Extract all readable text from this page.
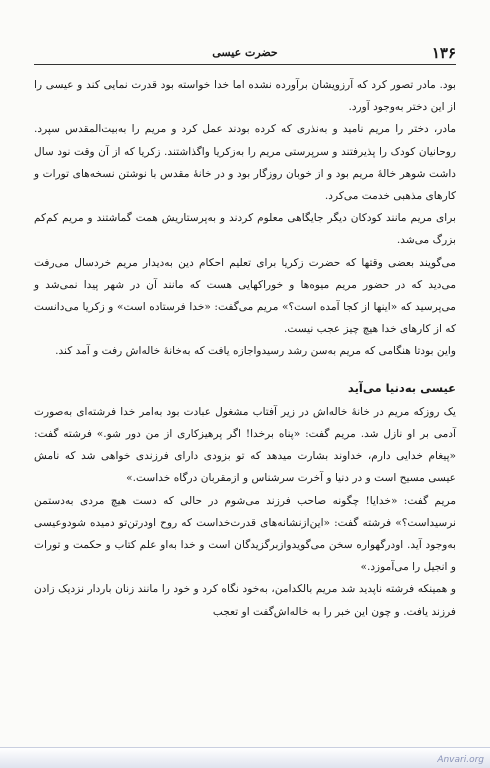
۱۳۶
حضرت عیسی

بود. مادر تصور کرد که آرزویشان برآورده نشده اما خدا خواسته بود قدرت نمایی کند و عیسی را از این دختر به‌وجود آورد.

مادر، دختر را مریم نامید و به‌نذری که کرده بودند عمل کرد و مریم را به‌بیت‌المقدس سپرد. روحانیان کودک را پذیرفتند و سرپرستی مریم را به‌زکریا واگذاشتند. زکریا که از آن وقت نود سال داشت شوهر خالهٔ مریم بود و از خوبان روزگار بود و در خانهٔ مقدس با نوشتن نسخه‌های تورات و کارهای مذهبی خدمت می‌کرد.

برای مریم مانند کودکان دیگر جایگاهی معلوم کردند و به‌پرستاریش همت گماشتند و مریم کم‌کم بزرگ می‌شد.

می‌گویند بعضی وقتها که حضرت زکریا برای تعلیم احکام دین به‌دیدار مریم خردسال می‌رفت می‌دید که در حضور مریم میوه‌ها و خوراکهایی هست که مانند آن در شهر پیدا نمی‌شد و می‌پرسید که «اینها از کجا آمده است؟» مریم می‌گفت: «خدا فرستاده است» و زکریا می‌دانست که از کارهای خدا هیچ چیز عجب نیست.

واین بودتا هنگامی که مریم به‌سن رشد رسیدواجازه یافت که به‌خانهٔ خاله‌اش رفت و آمد کند.

عیسی به‌دنیا می‌آید

یک روزکه مریم در خانهٔ خاله‌اش در زیر آفتاب مشغول عبادت بود به‌امر خدا فرشته‌ای به‌صورت آدمی بر او نازل شد. مریم گفت: «پناه برخدا! اگر پرهیزکاری از من دور شو.» فرشته گفت: «پیغام خدایی دارم، خداوند بشارت میدهد که تو بزودی دارای فرزندی خواهی شد که نامش عیسی مسیح است و در دنیا و آخرت سرشناس و ازمقربان درگاه خداست.»

مریم گفت: «خدایا! چگونه صاحب فرزند می‌شوم در حالی که دست هیچ مردی به‌دستمن نرسیداست؟» فرشته گفت: «این‌ازنشانه‌های قدرت‌خداست که روح اودرتن‌تو دمیده شودوعیسی به‌وجود آید. اودرگهواره سخن می‌گویدوازبرگزیدگان است و خدا به‌او علم کتاب و حکمت و تورات و انجیل را می‌آموزد.»

و همینکه فرشته ناپدید شد مریم بالکدامن، به‌خود نگاه کرد و خود را مانند زنان باردار نزدیک زادن فرزند یافت. و چون این خبر را به خاله‌اش‌گفت او تعجب

Anvari.org
